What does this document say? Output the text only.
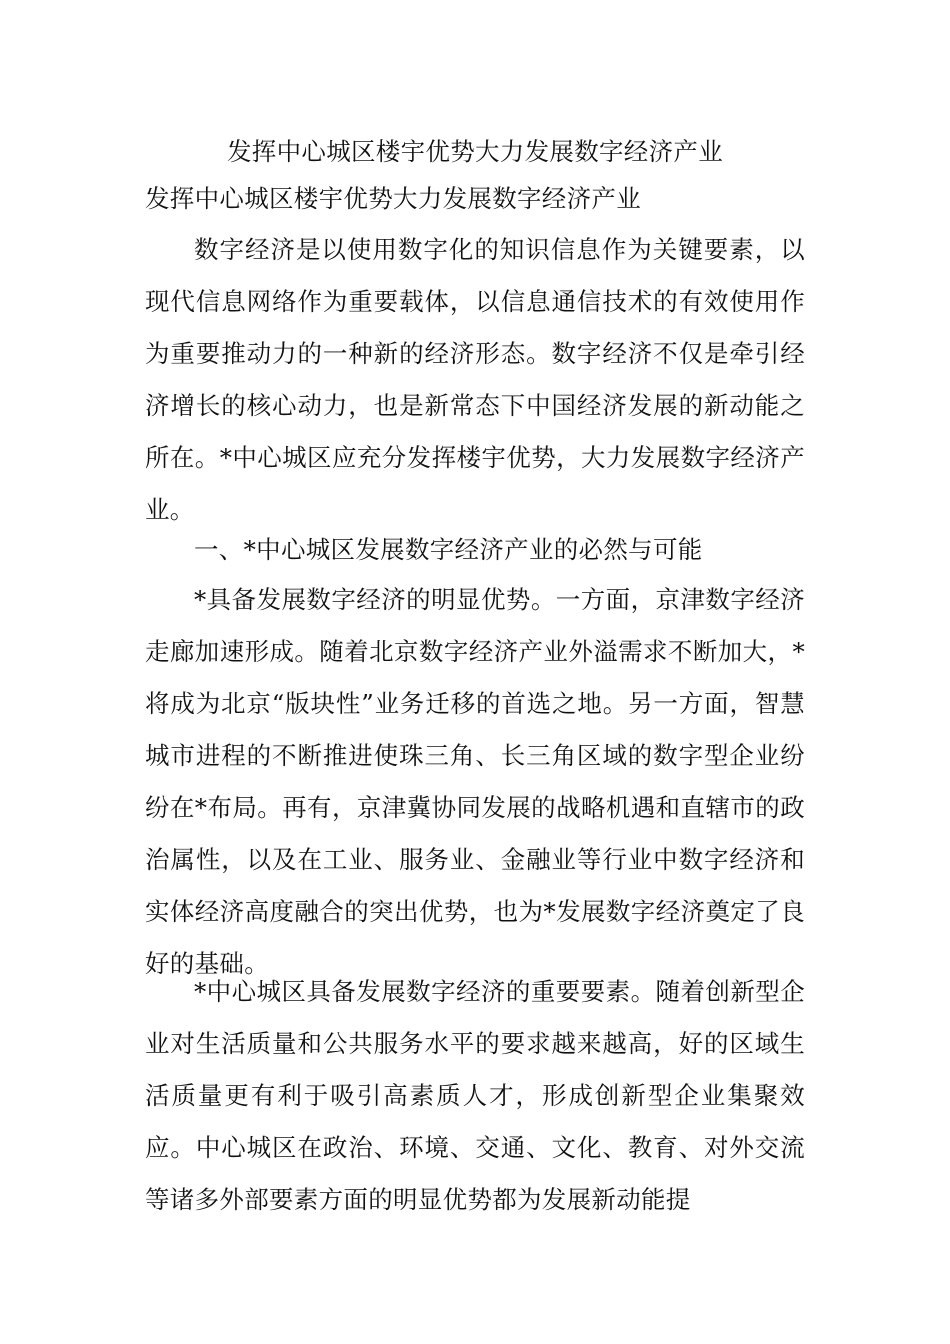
发挥中心城区楼宇优势大力发展数字经济产业
发挥中心城区楼宇优势大力发展数字经济产业

数字经济是以使用数字化的知识信息作为关键要素，以现代信息网络作为重要载体，以信息通信技术的有效使用作为重要推动力的一种新的经济形态。数字经济不仅是牵引经济增长的核心动力，也是新常态下中国经济发展的新动能之所在。*中心城区应充分发挥楼宇优势，大力发展数字经济产业。

一、*中心城区发展数字经济产业的必然与可能

*具备发展数字经济的明显优势。一方面，京津数字经济走廊加速形成。随着北京数字经济产业外溢需求不断加大，*将成为北京“版块性”业务迁移的首选之地。另一方面，智慧城市进程的不断推进使珠三角、长三角区域的数字型企业纷纷在*布局。再有，京津冀协同发展的战略机遇和直辖市的政治属性，以及在工业、服务业、金融业等行业中数字经济和实体经济高度融合的突出优势，也为*发展数字经济奠定了良好的基础。

*中心城区具备发展数字经济的重要要素。随着创新型企业对生活质量和公共服务水平的要求越来越高，好的区域生活质量更有利于吸引高素质人才，形成创新型企业集聚效应。中心城区在政治、环境、交通、文化、教育、对外交流等诸多外部要素方面的明显优势都为发展新动能提
